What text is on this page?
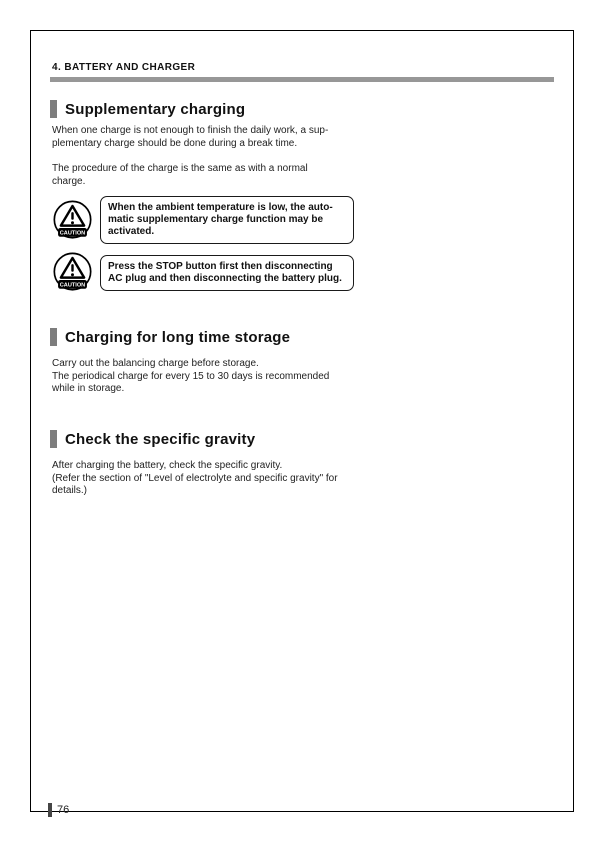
4. BATTERY AND CHARGER
Supplementary charging
When one charge is not enough to finish the daily work, a sup-
plementary charge should be done during a break time.
The procedure of the charge is the same as with a normal
charge.
CAUTION
When the ambient temperature is low, the auto-
matic supplementary charge function may be
activated.
CAUTION
Press the STOP button first then disconnecting
AC plug and then disconnecting the battery plug.
Charging for long time storage
Carry out the balancing charge before storage.
The periodical charge for every 15 to 30 days is recommended
while in storage.
Check the specific gravity
After charging the battery, check the specific gravity.
(Refer the section of "Level of electrolyte and specific gravity" for
details.)
76
